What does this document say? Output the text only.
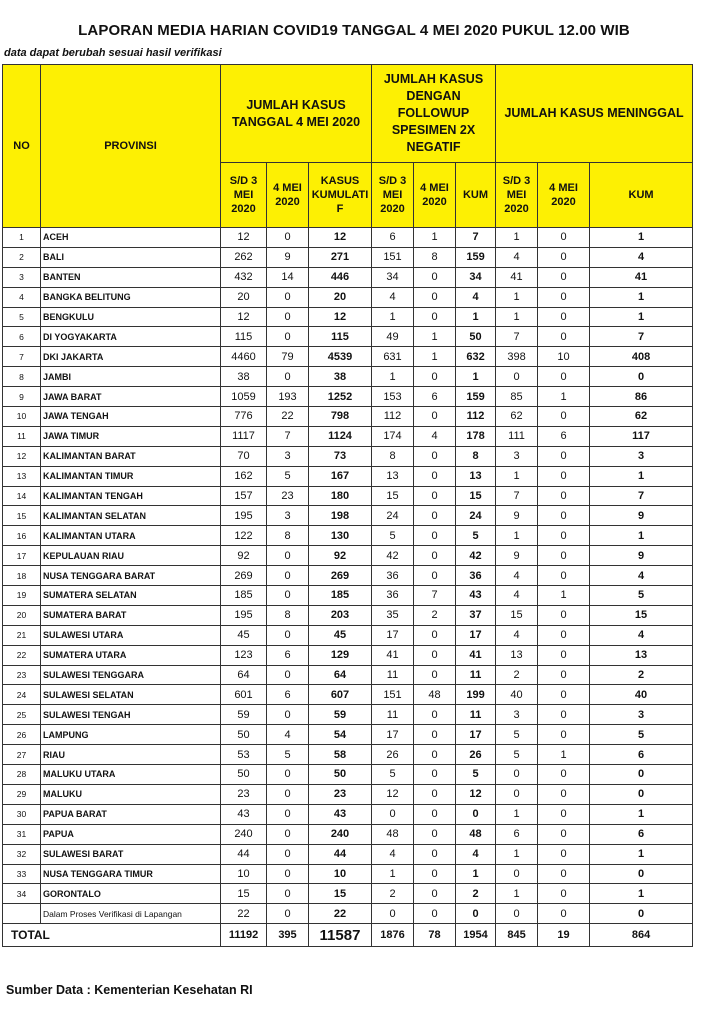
LAPORAN MEDIA HARIAN COVID19 TANGGAL 4 MEI 2020 PUKUL 12.00 WIB
data dapat berubah sesuai hasil verifikasi
NO	PROVINSI	JUMLAH KASUS TANGGAL 4 MEI 2020			JUMLAH KASUS DENGAN FOLLOWUP SPESIMEN 2X NEGATIF			JUMLAH KASUS MENINGGAL		
		S/D 3 MEI 2020	4 MEI 2020	KASUS KUMULATI F	S/D 3 MEI 2020	4 MEI 2020	KUM	S/D 3 MEI 2020	4 MEI 2020	KUM
1	ACEH	12	0	12	6	1	7	1	0	1
2	BALI	262	9	271	151	8	159	4	0	4
3	BANTEN	432	14	446	34	0	34	41	0	41
4	BANGKA BELITUNG	20	0	20	4	0	4	1	0	1
5	BENGKULU	12	0	12	1	0	1	1	0	1
6	DI YOGYAKARTA	115	0	115	49	1	50	7	0	7
7	DKI JAKARTA	4460	79	4539	631	1	632	398	10	408
8	JAMBI	38	0	38	1	0	1	0	0	0
9	JAWA BARAT	1059	193	1252	153	6	159	85	1	86
10	JAWA TENGAH	776	22	798	112	0	112	62	0	62
11	JAWA TIMUR	1117	7	1124	174	4	178	111	6	117
12	KALIMANTAN BARAT	70	3	73	8	0	8	3	0	3
13	KALIMANTAN TIMUR	162	5	167	13	0	13	1	0	1
14	KALIMANTAN TENGAH	157	23	180	15	0	15	7	0	7
15	KALIMANTAN SELATAN	195	3	198	24	0	24	9	0	9
16	KALIMANTAN UTARA	122	8	130	5	0	5	1	0	1
17	KEPULAUAN RIAU	92	0	92	42	0	42	9	0	9
18	NUSA TENGGARA BARAT	269	0	269	36	0	36	4	0	4
19	SUMATERA SELATAN	185	0	185	36	7	43	4	1	5
20	SUMATERA BARAT	195	8	203	35	2	37	15	0	15
21	SULAWESI UTARA	45	0	45	17	0	17	4	0	4
22	SUMATERA UTARA	123	6	129	41	0	41	13	0	13
23	SULAWESI TENGGARA	64	0	64	11	0	11	2	0	2
24	SULAWESI SELATAN	601	6	607	151	48	199	40	0	40
25	SULAWESI TENGAH	59	0	59	11	0	11	3	0	3
26	LAMPUNG	50	4	54	17	0	17	5	0	5
27	RIAU	53	5	58	26	0	26	5	1	6
28	MALUKU UTARA	50	0	50	5	0	5	0	0	0
29	MALUKU	23	0	23	12	0	12	0	0	0
30	PAPUA BARAT	43	0	43	0	0	0	1	0	1
31	PAPUA	240	0	240	48	0	48	6	0	6
32	SULAWESI BARAT	44	0	44	4	0	4	1	0	1
33	NUSA TENGGARA TIMUR	10	0	10	1	0	1	0	0	0
34	GORONTALO	15	0	15	2	0	2	1	0	1
	Dalam Proses Verifikasi di Lapangan	22	0	22	0	0	0	0	0	0
TOTAL		11192	395	11587	1876	78	1954	845	19	864
Sumber Data : Kementerian Kesehatan RI
